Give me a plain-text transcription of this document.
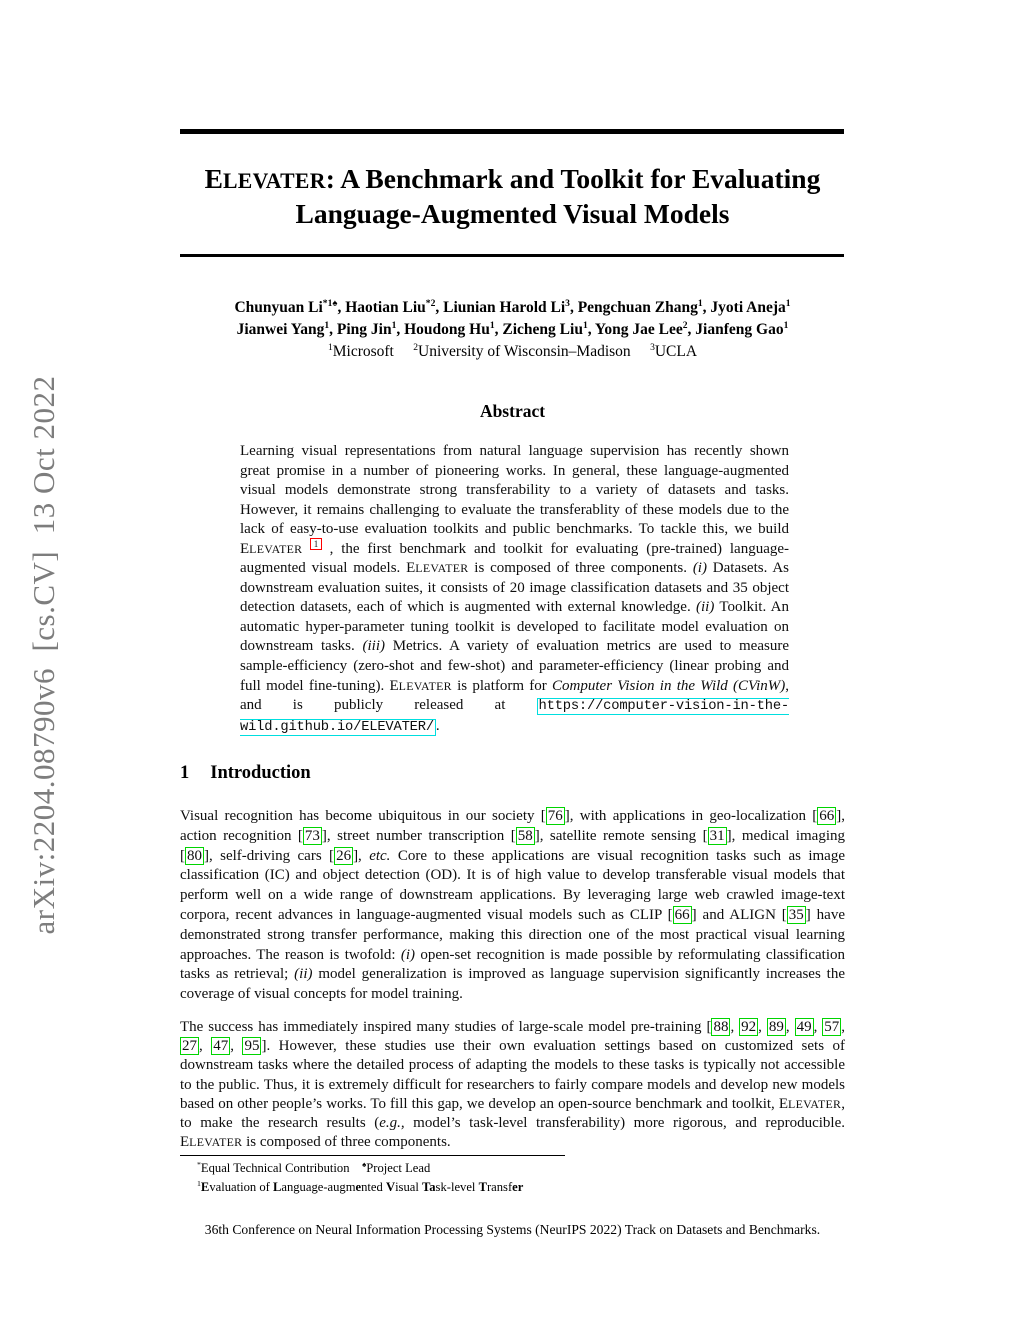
arXiv:2204.08790v6  [cs.CV]  13 Oct 2022
ELEVATER: A Benchmark and Toolkit for Evaluating
Language-Augmented Visual Models
Chunyuan $Li^{*1♠}$, Haotian Liu$^{*2}$, Liunian Harold Li$^3$, Pengchuan Zhang$^1$, Jyoti Aneja$^1$
Jianwei Yang$^1$, Ping Jin$^1$, Houdong Hu$^1$, Zicheng Liu$^1$, Yong Jae Lee$^2$, Jianfeng Gao$^1$
$^1$Microsoft     $^2$University of Wisconsin–Madison     $^3$UCLA
Abstract
Learning visual representations from natural language supervision has recently shown great promise in a number of pioneering works. In general, these language-augmented visual models demonstrate strong transferability to a variety of datasets and tasks. However, it remains challenging to evaluate the transferablity of these models due to the lack of easy-to-use evaluation toolkits and public benchmarks. To tackle this, we build ELEVATER $^1$ , the first benchmark and toolkit for evaluating (pre-trained) language-augmented visual models. ELEVATER is composed of three components. (i) Datasets. As downstream evaluation suites, it consists of 20 image classification datasets and 35 object detection datasets, each of which is augmented with external knowledge. (ii) Toolkit. An automatic hyper-parameter tuning toolkit is developed to facilitate model evaluation on downstream tasks. (iii) Metrics. A variety of evaluation metrics are used to measure sample-efficiency (zero-shot and few-shot) and parameter-efficiency (linear probing and full model fine-tuning). ELEVATER is platform for Computer Vision in the Wild (CVinW), and is publicly released at https://computer-vision-in-the-wild.github.io/ELEVATER/ .
1 Introduction
Visual recognition has become ubiquitous in our society [ 76 ], with applications in geo-localization [ 66 ], action recognition [ 73 ], street number transcription [ 58 ], satellite remote sensing [ 31 ], medical imaging [ 80 ], self-driving cars [ 26 ], etc. Core to these applications are visual recognition tasks such as image classification (IC) and object detection (OD). It is of high value to develop transferable visual models that perform well on a wide range of downstream applications. By leveraging large web crawled image-text corpora, recent advances in language-augmented visual models such as CLIP [ 66 ] and ALIGN [ 35 ] have demonstrated strong transfer performance, making this direction one of the most practical visual learning approaches. The reason is twofold: (i) open-set recognition is made possible by reformulating classification tasks as retrieval; (ii) model generalization is improved as language supervision significantly increases the coverage of visual concepts for model training.
The success has immediately inspired many studies of large-scale model pre-training [ 88 , 92 , 89 , 49 , 57 , 27 , 47 , 95 ]. However, these studies use their own evaluation settings based on customized sets of downstream tasks where the detailed process of adapting the models to these tasks is typically not accessible to the public. Thus, it is extremely difficult for researchers to fairly compare models and develop new models based on other people’s works. To fill this gap, we develop an open-source benchmark and toolkit, ELEVATER, to make the research results (e.g., model’s task-level transferability) more rigorous, and reproducible. ELEVATER is composed of three components.
*Equal Technical Contribution    ♠Project Lead
$^1$Evaluation of Language-augmented Visual Task-level Transfer
36th Conference on Neural Information Processing Systems (NeurIPS 2022) Track on Datasets and Benchmarks.
